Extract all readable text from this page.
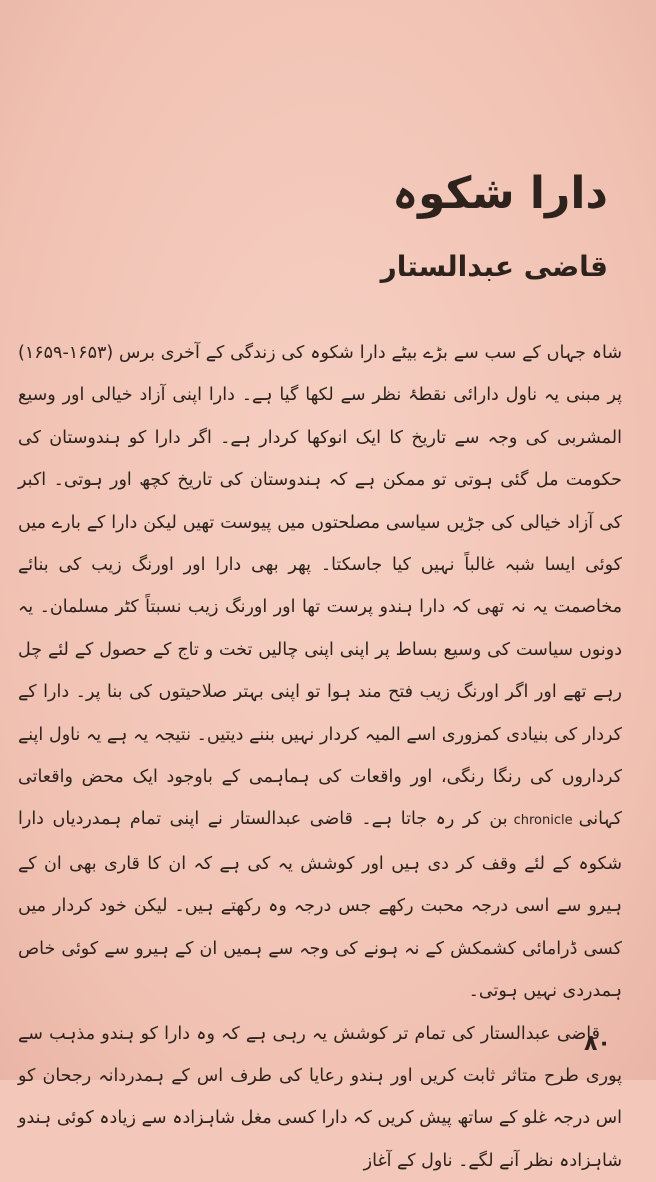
دارا شکوہ
قاضی عبدالستار

شاہ جہاں کے سب سے بڑے بیٹے دارا شکوہ کی زندگی کے آخری برس (۱۶۵۳-۱۶۵۹) پر مبنی یہ ناول دارائی نقطۂ نظر سے لکھا گیا ہے۔ دارا اپنی آزاد خیالی اور وسیع المشربی کی وجہ سے تاریخ کا ایک انوکھا کردار ہے۔ اگر دارا کو ہندوستان کی حکومت مل گئی ہوتی تو ممکن ہے کہ ہندوستان کی تاریخ کچھ اور ہوتی۔ اکبر کی آزاد خیالی کی جڑیں سیاسی مصلحتوں میں پیوست تھیں لیکن دارا کے بارے میں کوئی ایسا شبہ غالباً نہیں کیا جاسکتا۔ پھر بھی دارا اور اورنگ زیب کی بنائے مخاصمت یہ نہ تھی کہ دارا ہندو پرست تھا اور اورنگ زیب نسبتاً کٹر مسلمان۔ یہ دونوں سیاست کی وسیع بساط پر اپنی اپنی چالیں تخت و تاج کے حصول کے لئے چل رہے تھے اور اگر اورنگ زیب فتح مند ہوا تو اپنی بہتر صلاحیتوں کی بنا پر۔ دارا کے کردار کی بنیادی کمزوری اسے المیہ کردار نہیں بننے دیتیں۔ نتیجہ یہ ہے یہ ناول اپنے کرداروں کی رنگا رنگی، اور واقعات کی ہماہمی کے باوجود ایک محض واقعاتی کہانیchronicleبن کر رہ جاتا ہے۔ قاضی عبدالستار نے اپنی تمام ہمدردیاں دارا شکوہ کے لئے وقف کر دی ہیں اور کوشش یہ کی ہے کہ ان کا قاری بھی ان کے ہیرو سے اسی درجہ محبت رکھے جس درجہ وہ رکھتے ہیں۔ لیکن خود کردار میں کسی ڈرامائی کشمکش کے نہ ہونے کی وجہ سے ہمیں ان کے ہیرو سے کوئی خاص ہمدردی نہیں ہوتی۔

قاضی عبدالستار کی تمام تر کوشش یہ رہی ہے کہ وہ دارا کو ہندو مذہب سے پوری طرح متاثر ثابت کریں اور ہندو رعایا کی طرف اس کے ہمدردانہ رجحان کو اس درجہ غلو کے ساتھ پیش کریں کہ دارا کسی مغل شاہزادہ سے زیادہ کوئی ہندو شاہزادہ نظر آنے لگے۔ ناول کے آغاز

۸۰
